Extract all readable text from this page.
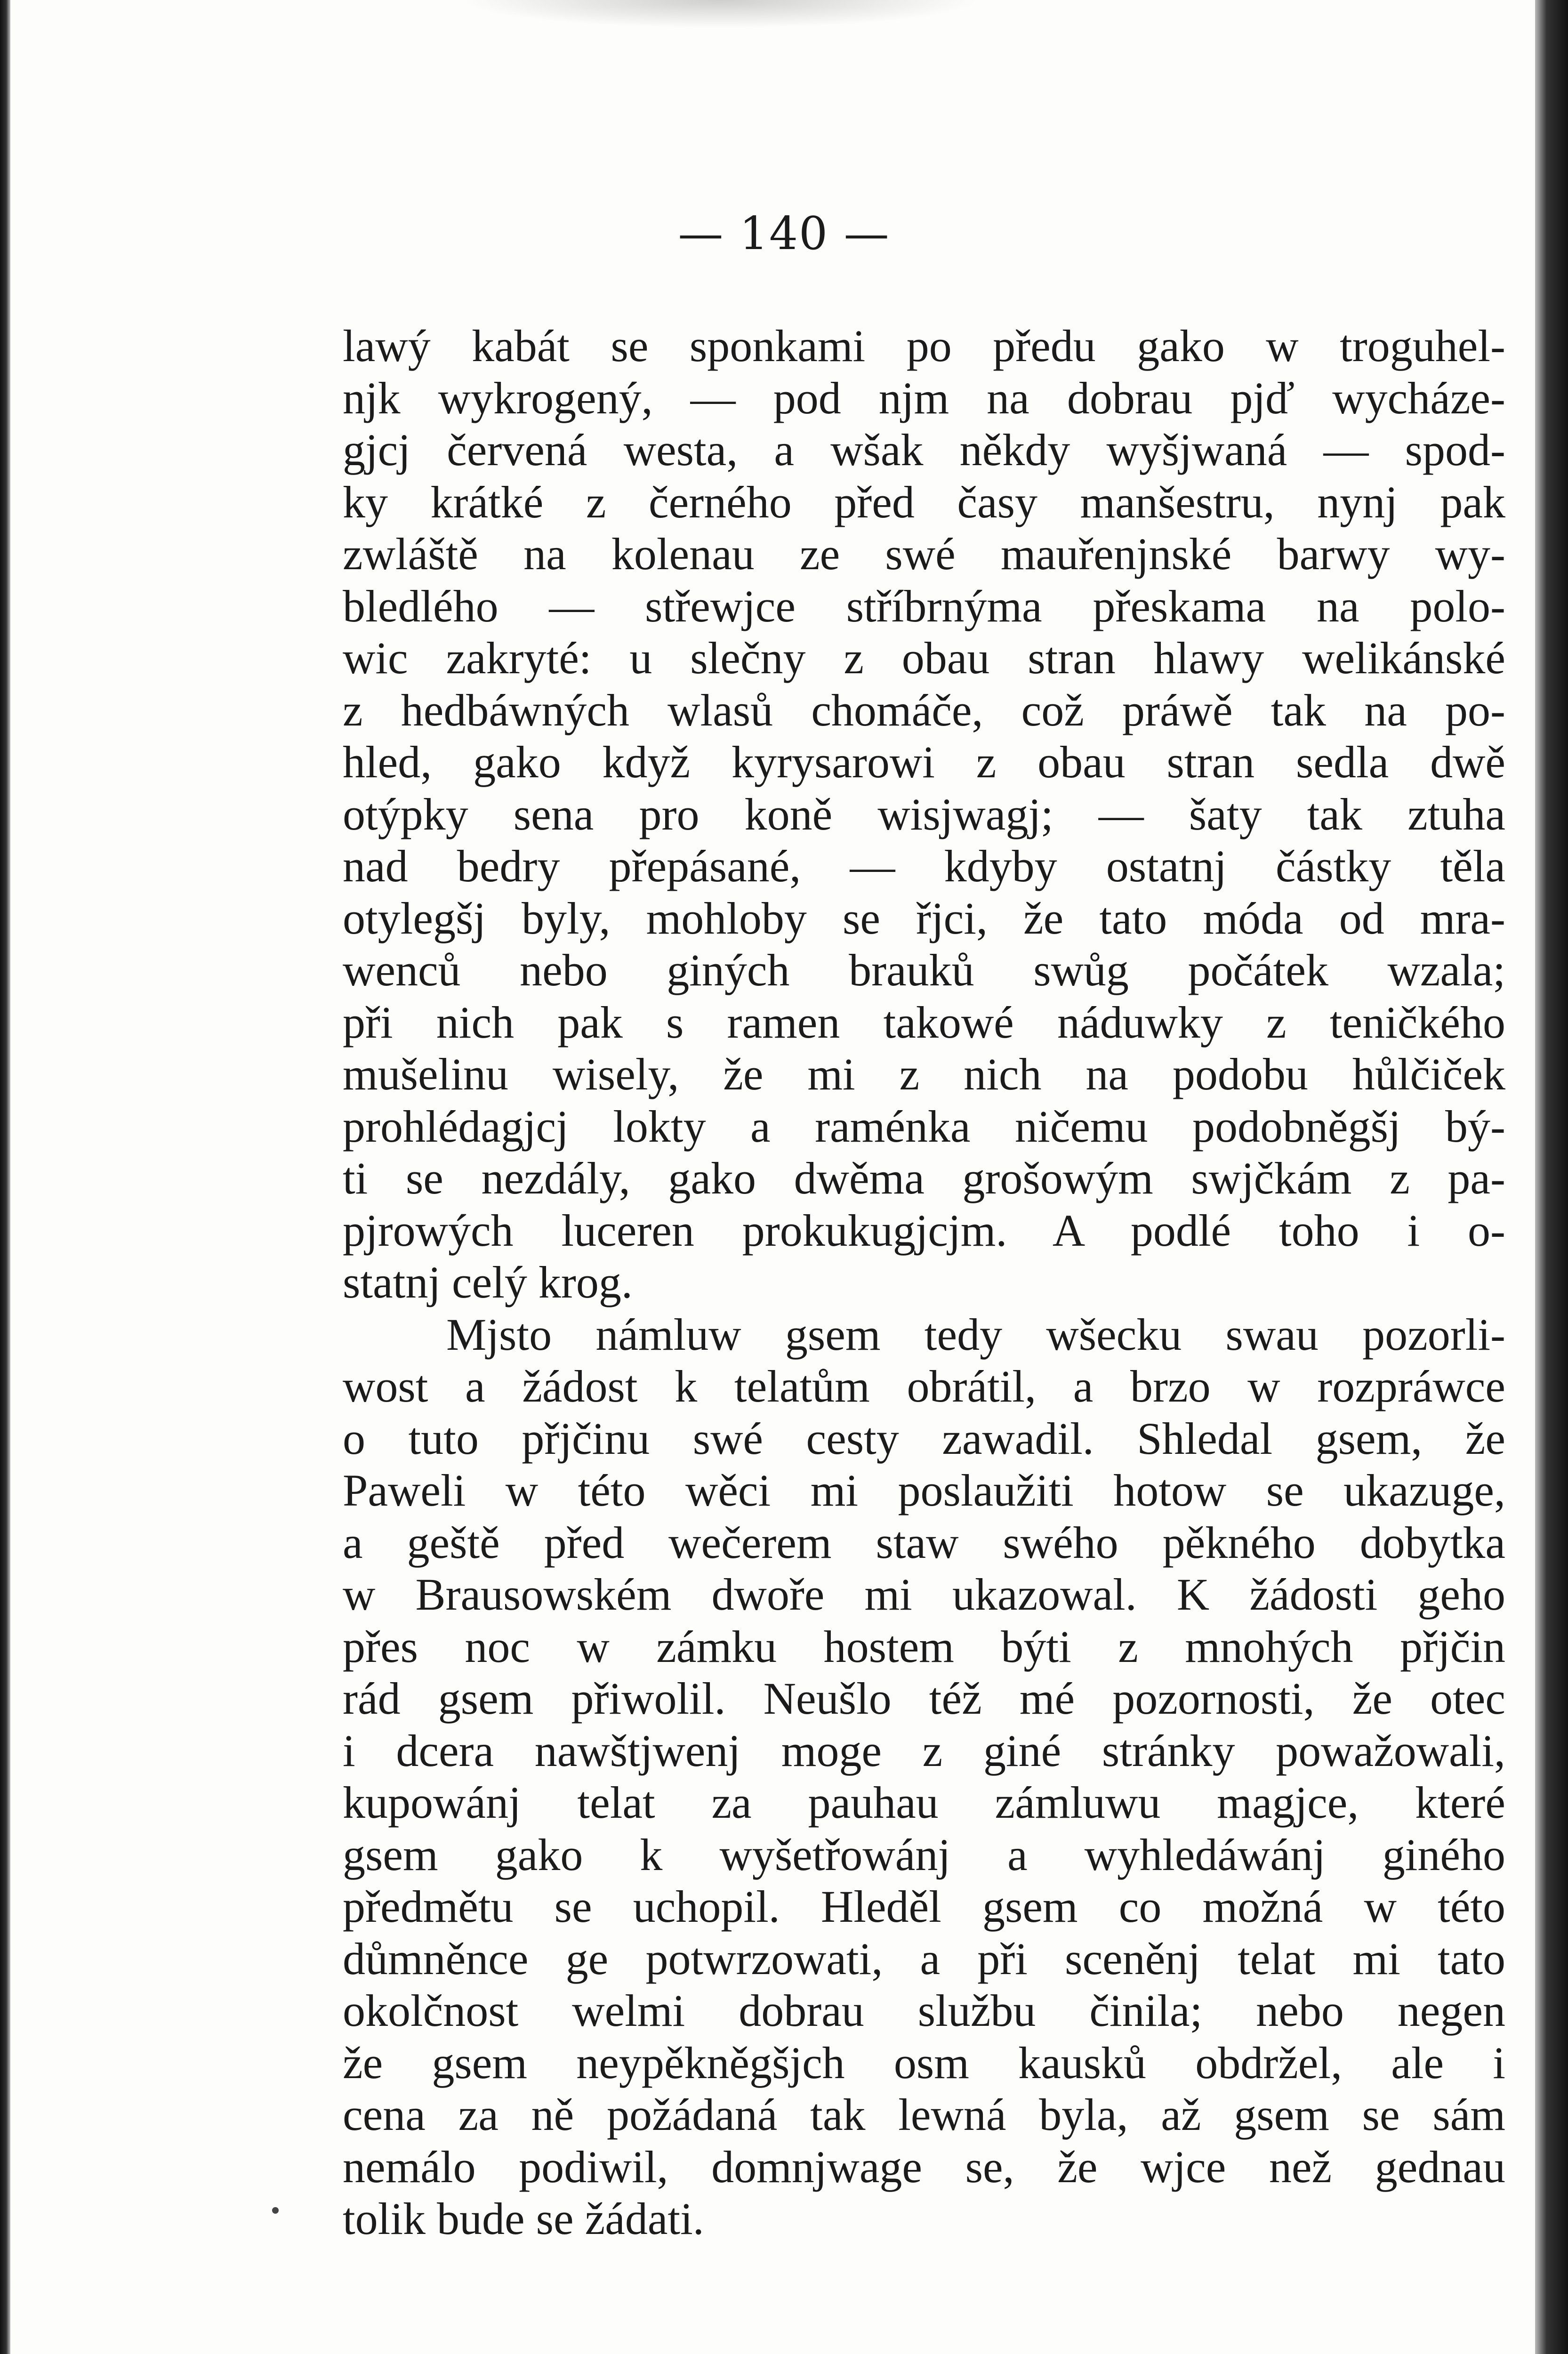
— 140 —
lawý kabát se sponkami po předu gako w troguhel-
njk wykrogený, — pod njm na dobrau pjď wycháze-
gjcj červená westa, a wšak někdy wyšjwaná — spod-
ky krátké z černého před časy manšestru, nynj pak
zwláště na kolenau ze swé mauřenjnské barwy wy-
bledlého — střewjce stříbrnýma přeskama na polo-
wic zakryté: u slečny z obau stran hlawy welikánské
z hedbáwných wlasů chomáče, což práwě tak na po-
hled, gako když kyrysarowi z obau stran sedla dwě
otýpky sena pro koně wisjwagj; — šaty tak ztuha
nad bedry přepásané, — kdyby ostatnj částky těla
otylegšj byly, mohloby se řjci, že tato móda od mra-
wenců nebo giných brauků swůg počátek wzala;
při nich pak s ramen takowé náduwky z teničkého
mušelinu wisely, že mi z nich na podobu hůlčiček
prohlédagjcj lokty a raménka ničemu podobněgšj bý-
ti se nezdály, gako dwěma grošowým swjčkám z pa-
pjrowých luceren prokukugjcjm. A podlé toho i o-
statnj celý krog.
Mjsto námluw gsem tedy wšecku swau pozorli-
wost a žádost k telatům obrátil, a brzo w rozpráwce
o tuto přjčinu swé cesty zawadil. Shledal gsem, že
Paweli w této wěci mi poslaužiti hotow se ukazuge,
a geště před wečerem staw swého pěkného dobytka
w Brausowském dwoře mi ukazowal. K žádosti geho
přes noc w zámku hostem býti z mnohých přjčin
rád gsem přiwolil. Neušlo též mé pozornosti, že otec
i dcera nawštjwenj moge z giné stránky powažowali,
kupowánj telat za pauhau zámluwu magjce, které
gsem gako k wyšetřowánj a wyhledáwánj giného
předmětu se uchopil. Hleděl gsem co možná w této
důmněnce ge potwrzowati, a při sceněnj telat mi tato
okolčnost welmi dobrau službu činila; nebo negen
že gsem neypěkněgšjch osm kausků obdržel, ale i
cena za ně požádaná tak lewná byla, až gsem se sám
nemálo podiwil, domnjwage se, že wjce než gednau
tolik bude se žádati.
